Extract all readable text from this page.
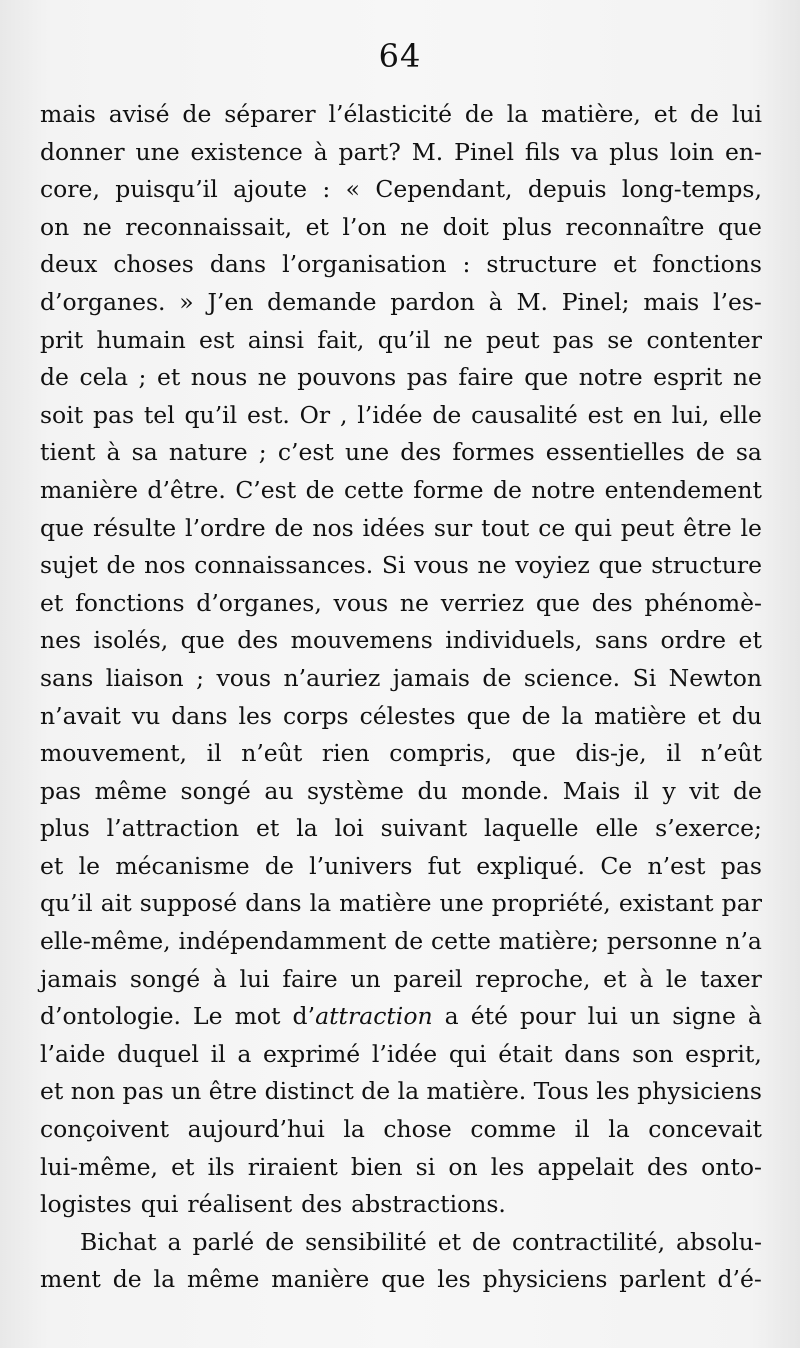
64
mais avisé de séparer l’élasticité de la matière, et de lui
donner une existence à part? M. Pinel fils va plus loin en-
core, puisqu’il ajoute : « Cependant, depuis long-temps,
on ne reconnaissait, et l’on ne doit plus reconnaître que
deux choses dans l’organisation : structure et fonctions
d’organes. » J’en demande pardon à M. Pinel; mais l’es-
prit humain est ainsi fait, qu’il ne peut pas se contenter
de cela ; et nous ne pouvons pas faire que notre esprit ne
soit pas tel qu’il est. Or , l’idée de causalité est en lui, elle
tient à sa nature ; c’est une des formes essentielles de sa
manière d’être. C’est de cette forme de notre entendement
que résulte l’ordre de nos idées sur tout ce qui peut être le
sujet de nos connaissances. Si vous ne voyiez que structure
et fonctions d’organes, vous ne verriez que des phénomè-
nes isolés, que des mouvemens individuels, sans ordre et
sans liaison ; vous n’auriez jamais de science. Si Newton
n’avait vu dans les corps célestes que de la matière et du
mouvement, il n’eût rien compris, que dis-je, il n’eût
pas même songé au système du monde. Mais il y vit de
plus l’attraction et la loi suivant laquelle elle s’exerce;
et le mécanisme de l’univers fut expliqué. Ce n’est pas
qu’il ait supposé dans la matière une propriété, existant par
elle-même, indépendamment de cette matière; personne n’a
jamais songé à lui faire un pareil reproche, et à le taxer
d’ontologie. Le mot d’attraction a été pour lui un signe à
l’aide duquel il a exprimé l’idée qui était dans son esprit,
et non pas un être distinct de la matière. Tous les physiciens
conçoivent aujourd’hui la chose comme il la concevait
lui-même, et ils riraient bien si on les appelait des onto-
logistes qui réalisent des abstractions.
Bichat a parlé de sensibilité et de contractilité, absolu-
ment de la même manière que les physiciens parlent d’é-
